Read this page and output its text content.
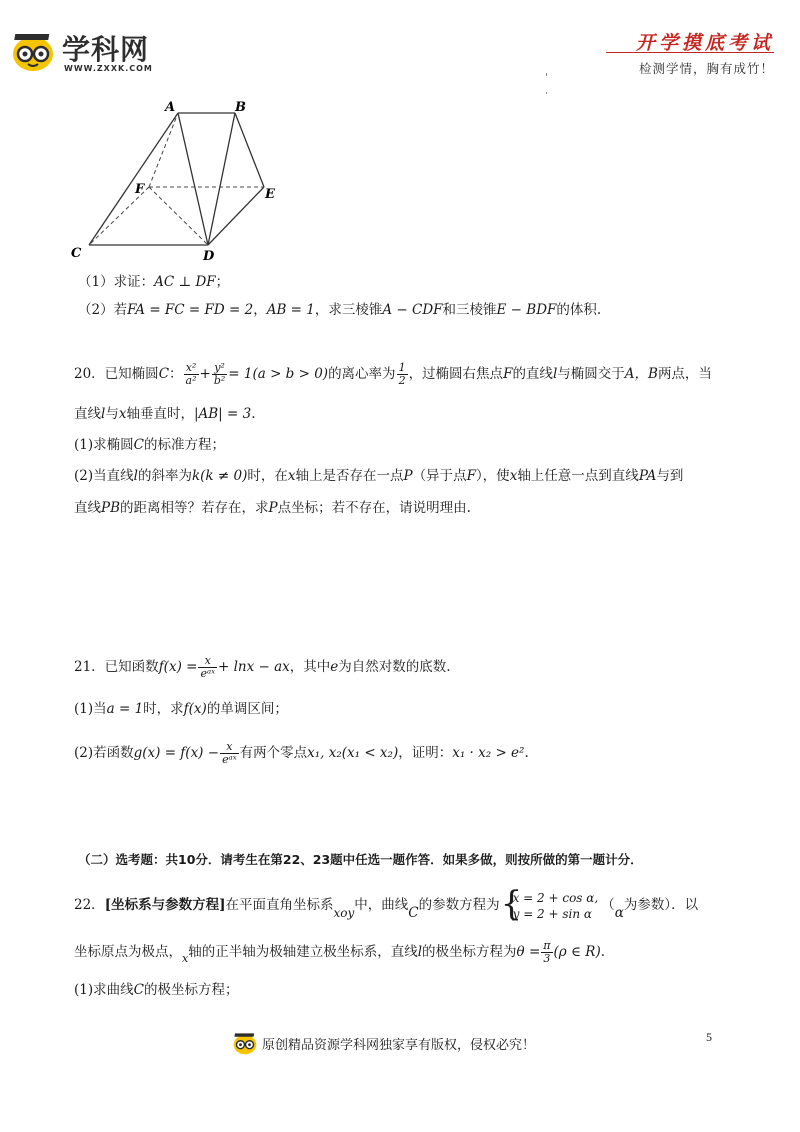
学科网
WWW.ZXXK.COM
开学摸底考试
检测学情，胸有成竹！
A	B
F	E
C	D
（1）求证：AC ⊥ DF；
（2）若FA = FC = FD = 2，AB = 1，求三棱锥A − CDF和三棱锥E − BDF的体积.
20．已知椭圆C： $\frac{\text{x²}}{\text{a²}} + \frac{\text{y²}}{\text{b²}} = 1(a > b > 0)$的离心率为 $\frac{1}{2}$ ，过椭圆右焦点F的直线l与椭圆交于A，B两点，当
直线l与x轴垂直时，|AB| = 3.
(1)求椭圆C的标准方程；
(2)当直线l的斜率为k(k ≠ 0)时，在x轴上是否存在一点P（异于点F），使x轴上任意一点到直线PA与到
直线PB的距离相等？若存在，求P点坐标；若不存在，请说明理由.
21．已知函数$f(x) = \frac{x}{\text{eᵃˣ}} + \ln x$ − ax，其中e为自然对数的底数.
(1)当a = 1时，求f(x)的单调区间；
(2)若函数$g(x) = f(x) - \frac{x}{\text{eᵃˣ}}$ 有两个零点x₁, x₂(x₁ < x₂)，证明：x₁ · x₂ > e².
（二）选考题：共10分．请考生在第22、23题中任选一题作答．如果多做，则按所做的第一题计分．
22．[坐标系与参数方程]在平面直角坐标系xoy中，曲线C的参数方程为
{ x = 2 + cos α,
y = 2 + sin α
（α为参数）．以
坐标原点为极点，$_x$轴的正半轴为极轴建立极坐标系，直线l的极坐标方程为$\theta = \frac{\pi}{3} (\rho$ ∈ R).
(1)求曲线C的极坐标方程；
原创精品资源学科网独家享有版权，侵权必究！
5
